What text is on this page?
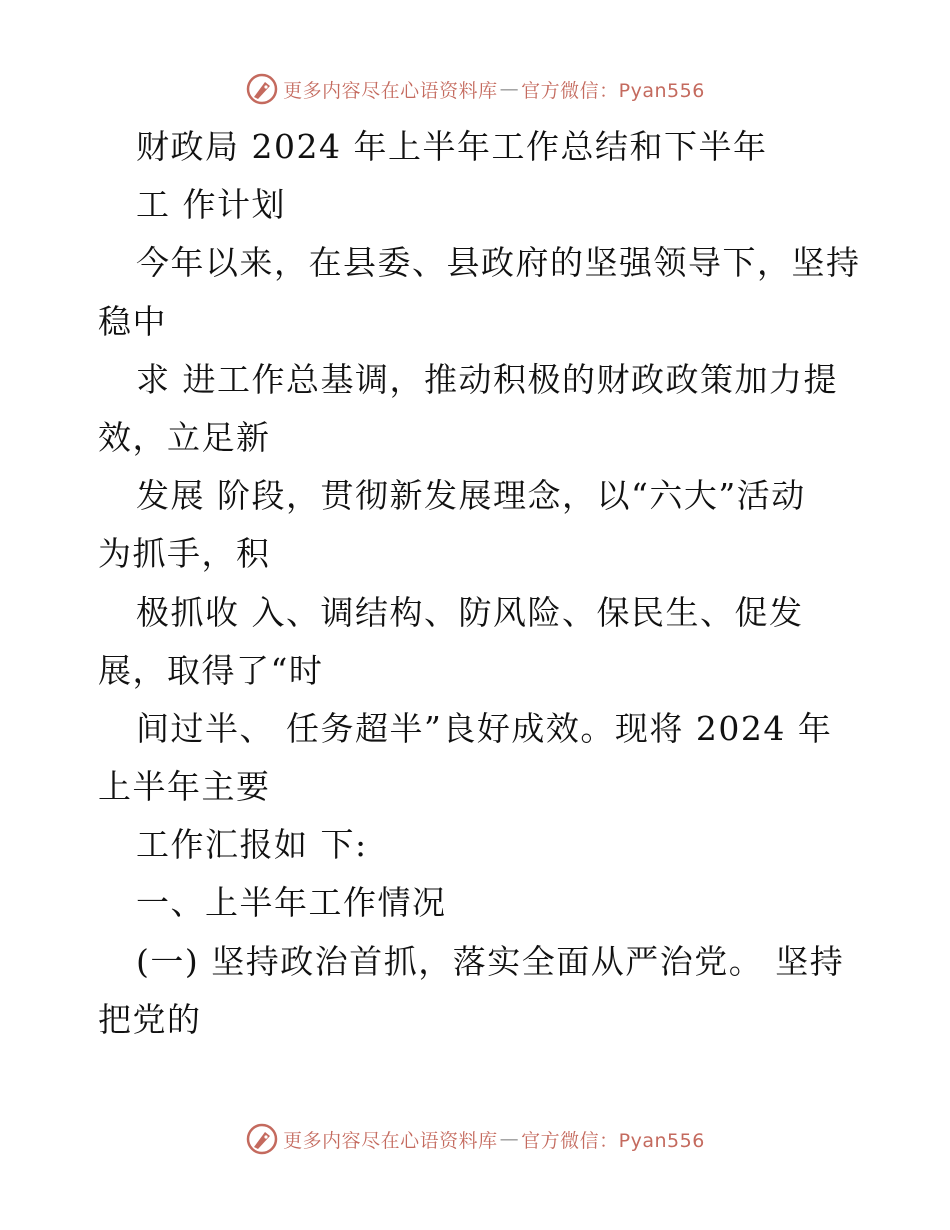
更多内容尽在心语资料库 — 官方微信：Pyan556
财政局 2024 年上半年工作总结和下半年
工 作计划
今年以来，在县委、县政府的坚强领导下，坚持
稳中
求 进工作总基调，推动积极的财政政策加力提
效，立足新
发展 阶段，贯彻新发展理念，以“六大”活动
为抓手，积
极抓收 入、调结构、防风险、保民生、促发
展，取得了“时
间过半、 任务超半”良好成效。现将 2024 年
上半年主要
工作汇报如 下:
一、上半年工作情况
(一) 坚持政治首抓，落实全面从严治党。 坚持
把党的
更多内容尽在心语资料库 — 官方微信：Pyan556
